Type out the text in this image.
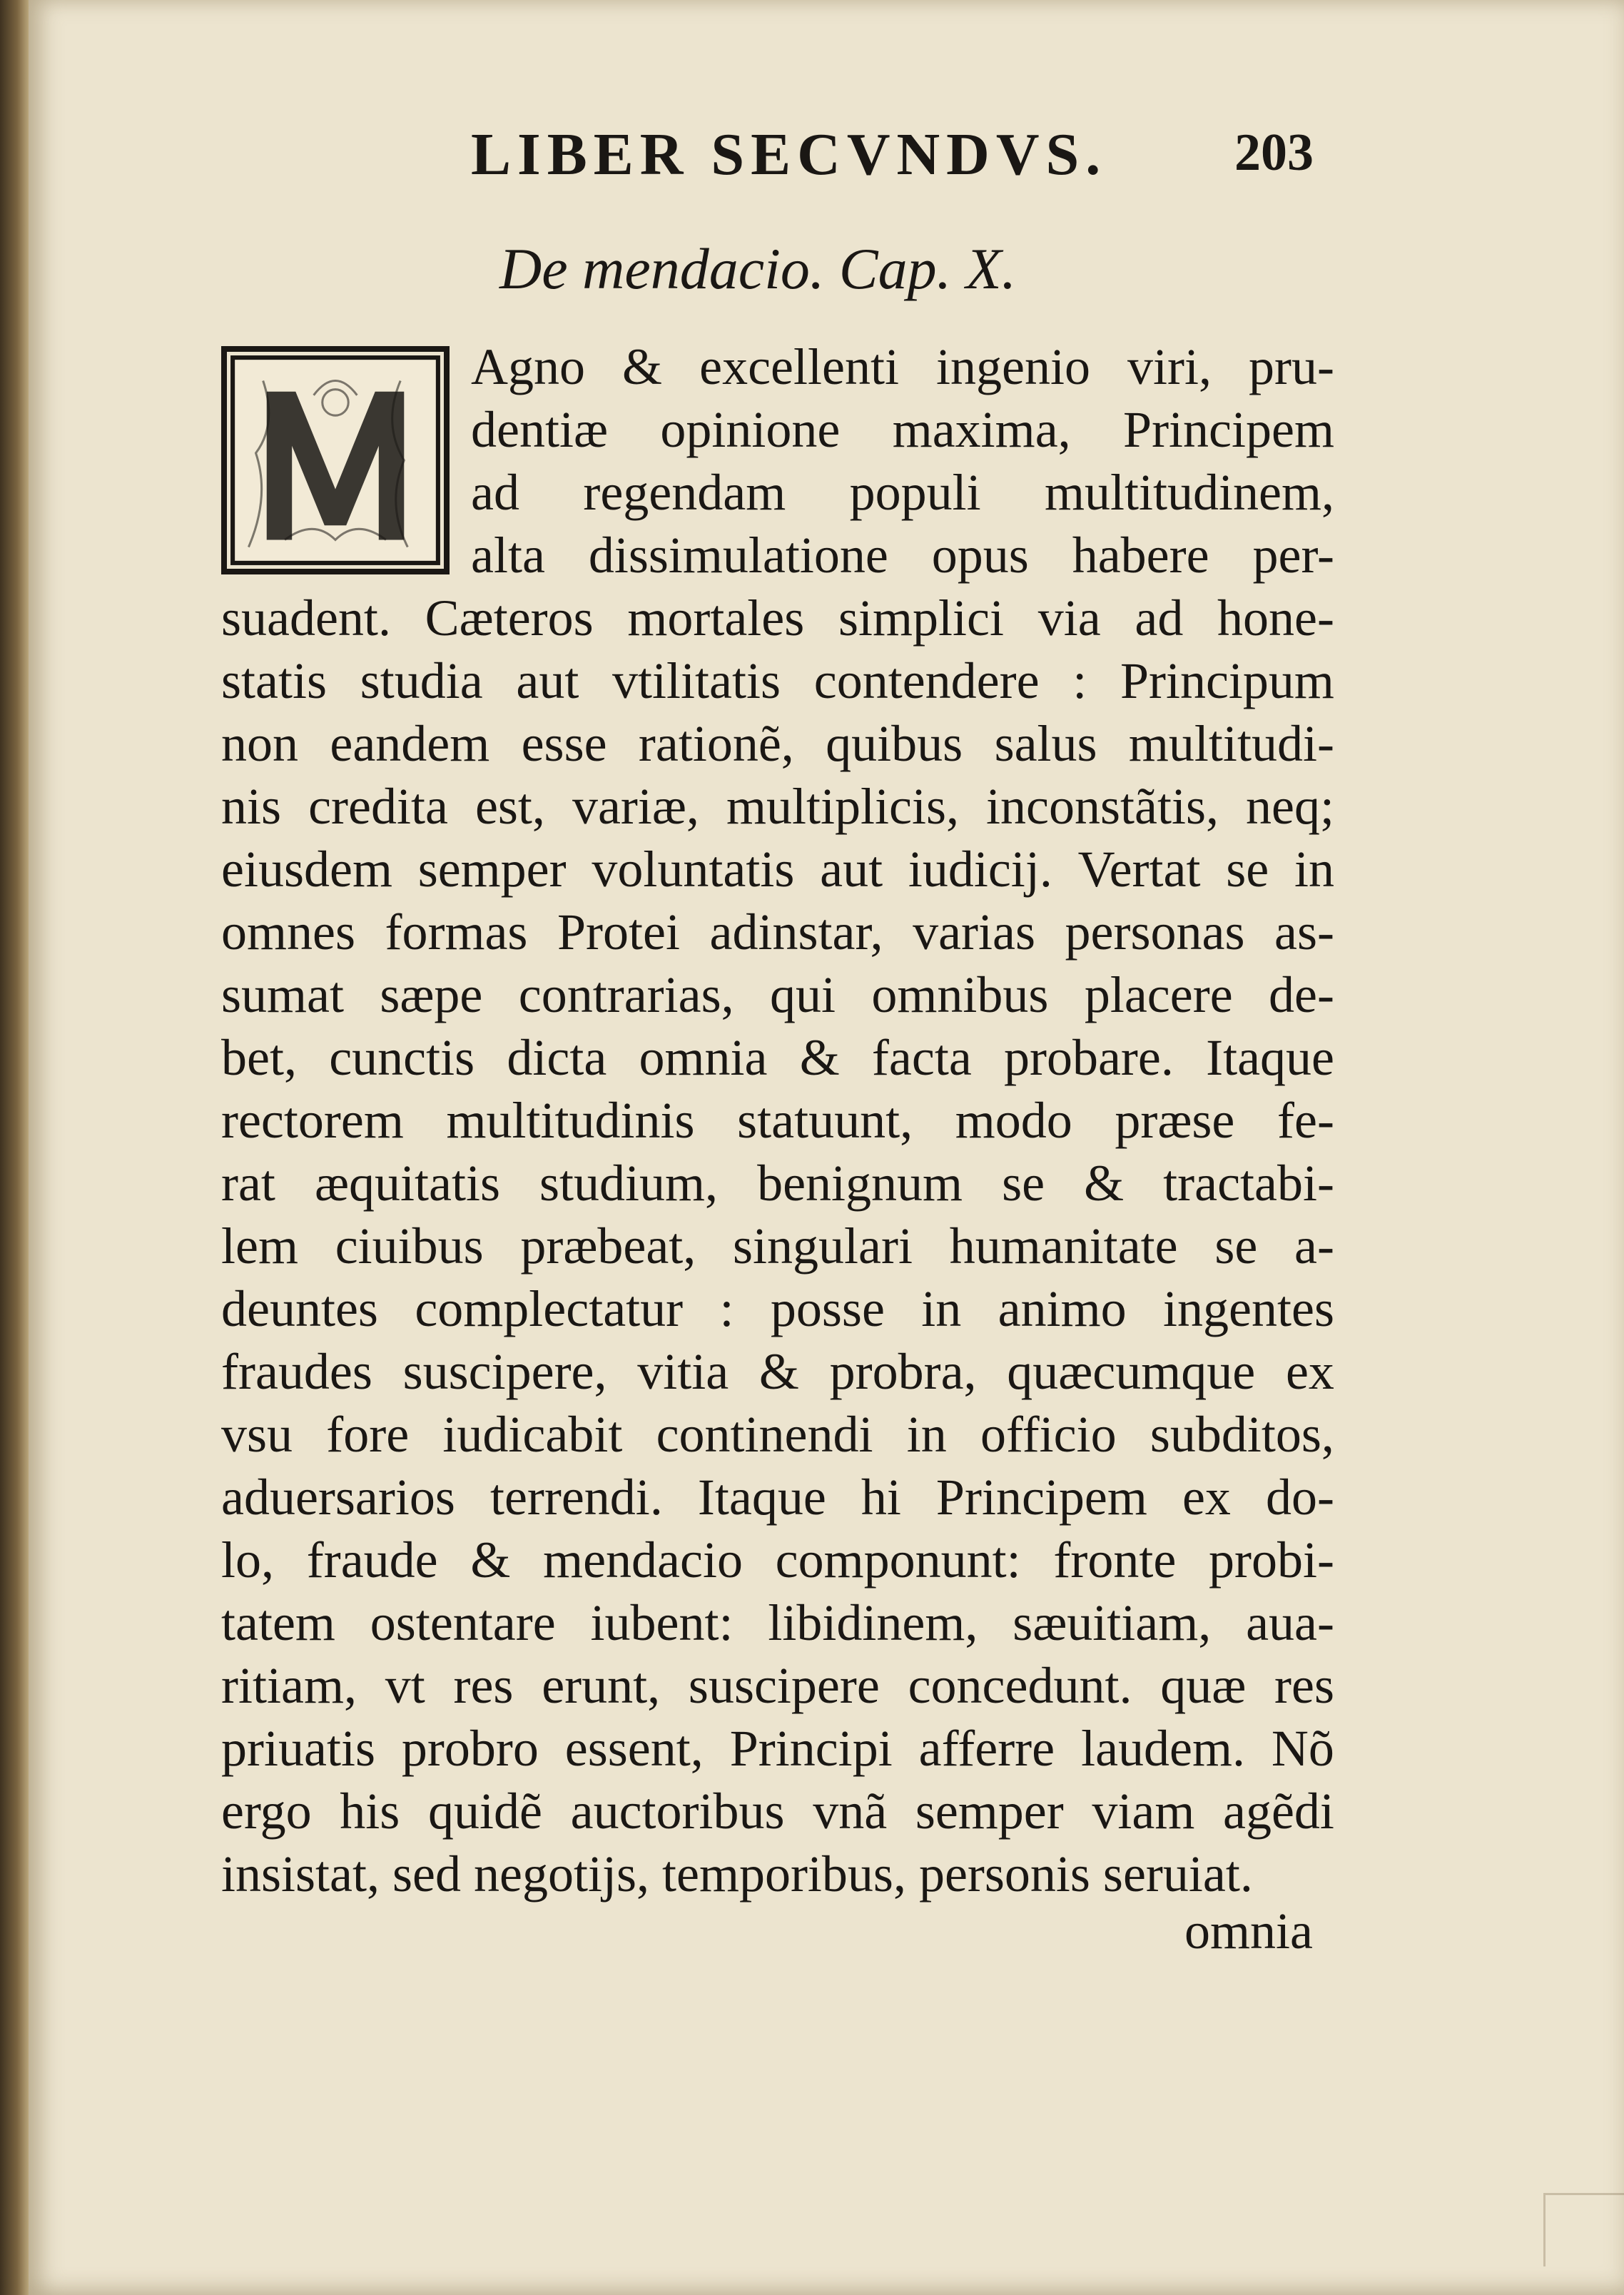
LIBER SECVNDVS. 203
De mendacio. Cap. X.
Agno & excellenti ingenio viri, pru-
dentiæ opinione maxima, Principem
ad regendam populi multitudinem,
alta dissimulatione opus habere per-
suadent. Cæteros mortales simplici via ad hone-
statis studia aut vtilitatis contendere : Principum
non eandem esse rationẽ, quibus salus multitudi-
nis credita est, variæ, multiplicis, inconstãtis, neq;
eiusdem semper voluntatis aut iudicij. Vertat se in
omnes formas Protei adinstar, varias personas as-
sumat sæpe contrarias, qui omnibus placere de-
bet, cunctis dicta omnia & facta probare. Itaque
rectorem multitudinis statuunt, modo præse fe-
rat æquitatis studium, benignum se & tractabi-
lem ciuibus præbeat, singulari humanitate se a-
deuntes complectatur : posse in animo ingentes
fraudes suscipere, vitia & probra, quæcumque ex
vsu fore iudicabit continendi in officio subditos,
aduersarios terrendi. Itaque hi Principem ex do-
lo, fraude & mendacio componunt: fronte probi-
tatem ostentare iubent: libidinem, sæuitiam, aua-
ritiam, vt res erunt, suscipere concedunt. quæ res
priuatis probro essent, Principi afferre laudem. Nõ
ergo his quidẽ auctoribus vnã semper viam agẽdi
insistat, sed negotijs, temporibus, personis seruiat.
omnia
